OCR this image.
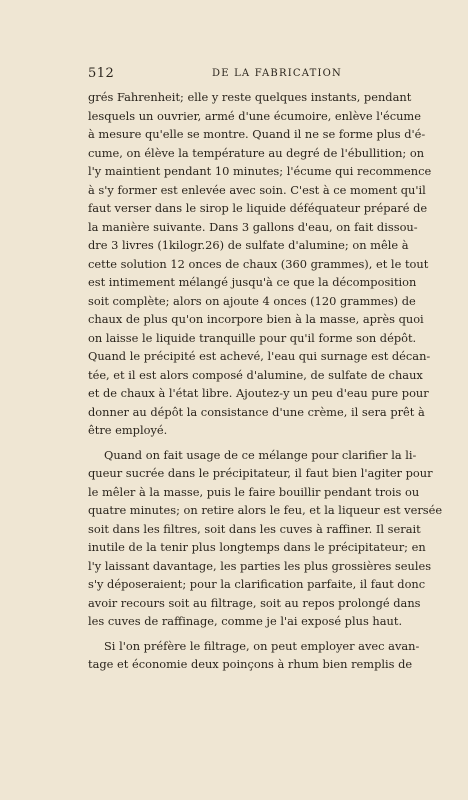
512	DE LA FABRICATION
grés Fahrenheit; elle y reste quelques instants, pendant
lesquels un ouvrier, armé d'une écumoire, enlève l'écume
à mesure qu'elle se montre. Quand il ne se forme plus d'é-
cume, on élève la température au degré de l'ébullition; on
l'y maintient pendant 10 minutes; l'écume qui recommence
à s'y former est enlevée avec soin. C'est à ce moment qu'il
faut verser dans le sirop le liquide déféquateur préparé de
la manière suivante. Dans 3 gallons d'eau, on fait dissou-
dre 3 livres (1kilogr.26) de sulfate d'alumine; on mêle à
cette solution 12 onces de chaux (360 grammes), et le tout
est intimement mélangé jusqu'à ce que la décomposition
soit complète; alors on ajoute 4 onces (120 grammes) de
chaux de plus qu'on incorpore bien à la masse, après quoi
on laisse le liquide tranquille pour qu'il forme son dépôt.
Quand le précipité est achevé, l'eau qui surnage est décan-
tée, et il est alors composé d'alumine, de sulfate de chaux
et de chaux à l'état libre. Ajoutez-y un peu d'eau pure pour
donner au dépôt la consistance d'une crème, il sera prêt à
être employé.
Quand on fait usage de ce mélange pour clarifier la li-
queur sucrée dans le précipitateur, il faut bien l'agiter pour
le mêler à la masse, puis le faire bouillir pendant trois ou
quatre minutes; on retire alors le feu, et la liqueur est versée
soit dans les filtres, soit dans les cuves à raffiner. Il serait
inutile de la tenir plus longtemps dans le précipitateur; en
l'y laissant davantage, les parties les plus grossières seules
s'y déposeraient; pour la clarification parfaite, il faut donc
avoir recours soit au filtrage, soit au repos prolongé dans
les cuves de raffinage, comme je l'ai exposé plus haut.
Si l'on préfère le filtrage, on peut employer avec avan-
tage et économie deux poinçons à rhum bien remplis de
